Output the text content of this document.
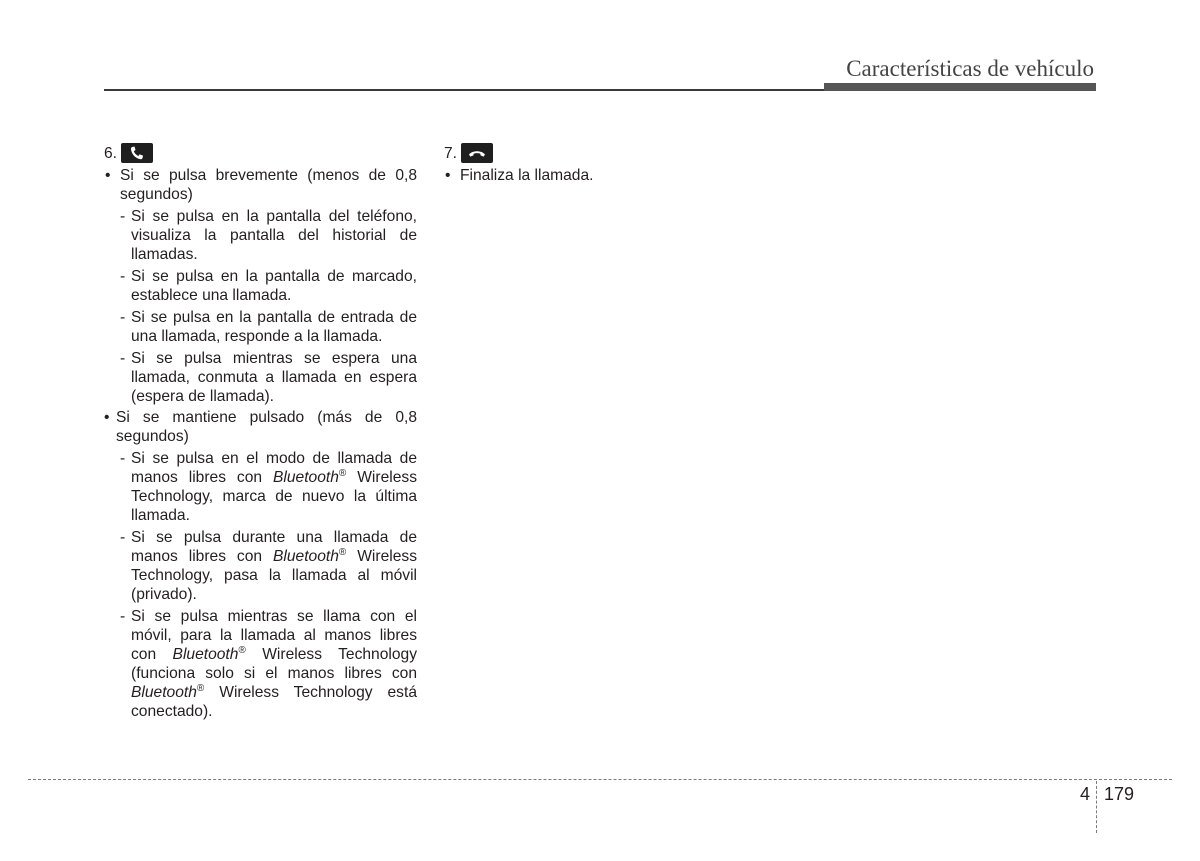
Características de vehículo
6.
• Si se pulsa brevemente (menos de 0,8 segundos)
- Si se pulsa en la pantalla del teléfono, visualiza la pantalla del historial de llamadas.
- Si se pulsa en la pantalla de marcado, establece una llamada.
- Si se pulsa en la pantalla de entrada de una llamada, responde a la llamada.
- Si se pulsa mientras se espera una llamada, conmuta a llamada en espera (espera de llamada).
• Si se mantiene pulsado (más de 0,8 segundos)
- Si se pulsa en el modo de llamada de manos libres con Bluetooth® Wireless Technology, marca de nuevo la última llamada.
- Si se pulsa durante una llamada de manos libres con Bluetooth® Wireless Technology, pasa la llamada al móvil (privado).
- Si se pulsa mientras se llama con el móvil, para la llamada al manos libres con Bluetooth® Wireless Technology (funciona solo si el manos libres con Bluetooth® Wireless Technology está conectado).
7.
• Finaliza la llamada.
4 179
